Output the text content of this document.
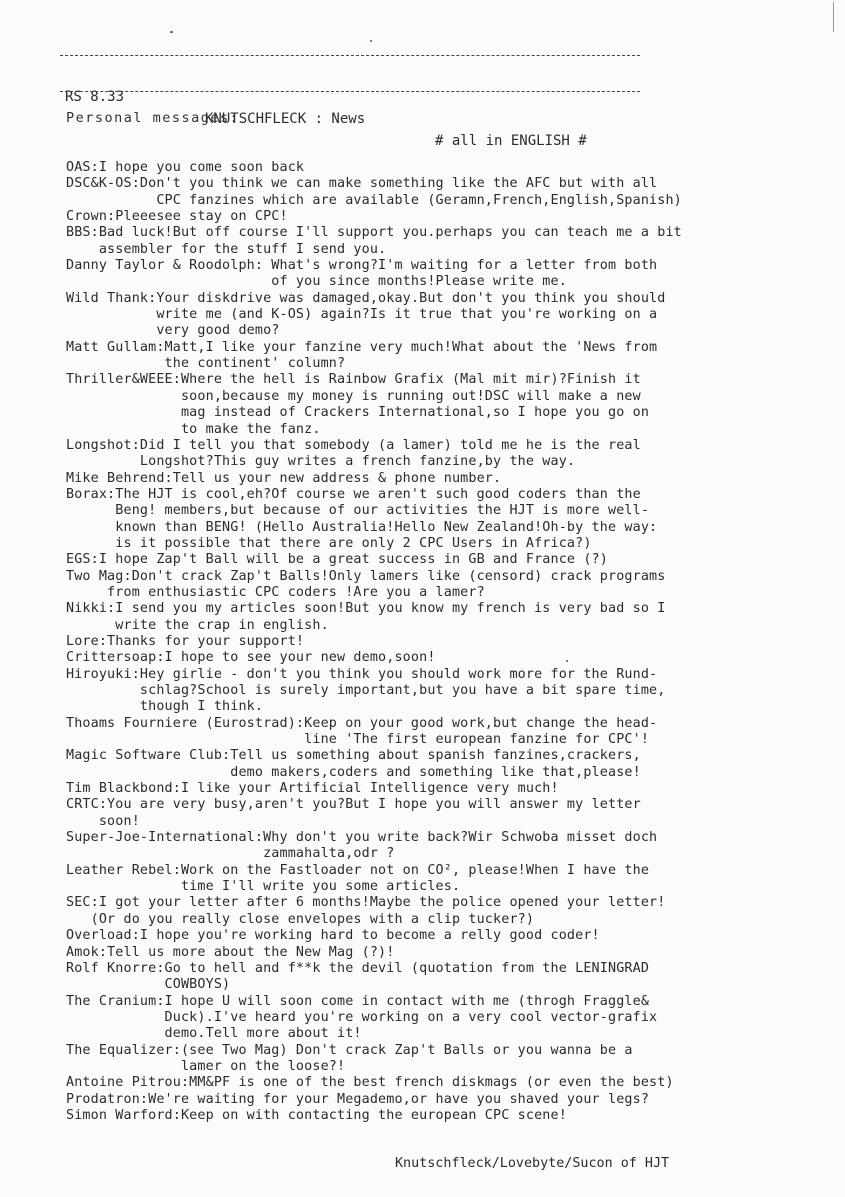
RS 8.33

KNUTSCHFLECK : News

# all in ENGLISH #

Personal messages:
OAS:I hope you come soon back
DSC&K-OS:Don't you think we can make something like the AFC but with all
CPC fanzines which are available (Geramn,French,English,Spanish)
Crown:Pleeesee stay on CPC!
BBS:Bad luck!But off course I'll support you.perhaps you can teach me a bit
assembler for the stuff I send you.
Danny Taylor & Roodolph: What's wrong?I'm waiting for a letter from both
of you since months!Please write me.
Wild Thank:Your diskdrive was damaged,okay.But don't you think you should
write me (and K-OS) again?Is it true that you're working on a
very good demo?
Matt Gullam:Matt,I like your fanzine very much!What about the 'News from
the continent' column?
Thriller&WEEE:Where the hell is Rainbow Grafix (Mal mit mir)?Finish it
soon,because my money is running out!DSC will make a new
mag instead of Crackers International,so I hope you go on
to make the fanz.
Longshot:Did I tell you that somebody (a lamer) told me he is the real
Longshot?This guy writes a french fanzine,by the way.
Mike Behrend:Tell us your new address & phone number.
Borax:The HJT is cool,eh?Of course we aren't such good coders than the
Beng! members,but because of our activities the HJT is more well-
known than BENG! (Hello Australia!Hello New Zealand!Oh-by the way:
is it possible that there are only 2 CPC Users in Africa?)
EGS:I hope Zap't Ball will be a great success in GB and France (?)
Two Mag:Don't crack Zap't Balls!Only lamers like (censord) crack programs
from enthusiastic CPC coders !Are you a lamer?
Nikki:I send you my articles soon!But you know my french is very bad so I
write the crap in english.
Lore:Thanks for your support!
Crittersoap:I hope to see your new demo,soon!
Hiroyuki:Hey girlie - don't you think you should work more for the Rund-
schlag?School is surely important,but you have a bit spare time,
though I think.
Thoams Fourniere (Eurostrad):Keep on your good work,but change the head-
line 'The first european fanzine for CPC'!
Magic Software Club:Tell us something about spanish fanzines,crackers,
demo makers,coders and something like that,please!
Tim Blackbond:I like your Artificial Intelligence very much!
CRTC:You are very busy,aren't you?But I hope you will answer my letter
soon!
Super-Joe-International:Why don't you write back?Wir Schwoba misset doch
zammahalta,odr ?
Leather Rebel:Work on the Fastloader not on CO², please!When I have the
time I'll write you some articles.
SEC:I got your letter after 6 months!Maybe the police opened your letter!
(Or do you really close envelopes with a clip tucker?)
Overload:I hope you're working hard to become a relly good coder!
Amok:Tell us more about the New Mag (?)!
Rolf Knorre:Go to hell and f**k the devil (quotation from the LENINGRAD
COWBOYS)
The Cranium:I hope U will soon come in contact with me (throgh Fraggle&
Duck).I've heard you're working on a very cool vector-grafix
demo.Tell more about it!
The Equalizer:(see Two Mag) Don't crack Zap't Balls or you wanna be a
lamer on the loose?!
Antoine Pitrou:MM&PF is one of the best french diskmags (or even the best)
Prodatron:We're waiting for your Megademo,or have you shaved your legs?
Simon Warford:Keep on with contacting the european CPC scene!
Knutschfleck/Lovebyte/Sucon of HJT
